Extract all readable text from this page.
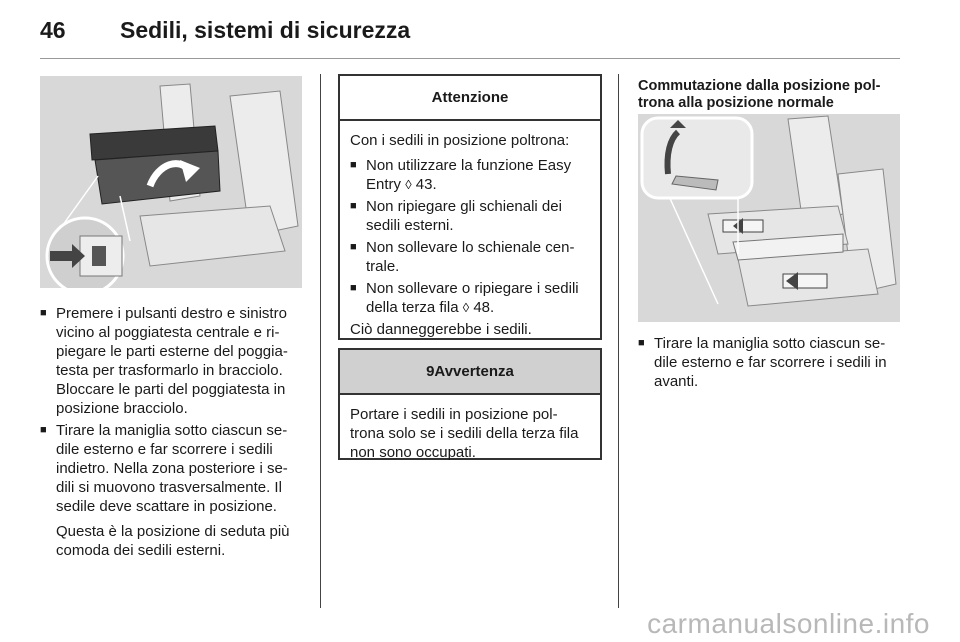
46	Sedili, sistemi di sicurezza
■ Premere i pulsanti destro e sinistro vicino al poggiatesta centrale e ri- piegare le parti esterne del poggia- testa per trasformarlo in bracciolo. Bloccare le parti del poggiatesta in posizione bracciolo.
■ Tirare la maniglia sotto ciascun se- dile esterno e far scorrere i sedili indietro. Nella zona posteriore i se- dili si muovono trasversalmente. Il sedile deve scattare in posizione.
Questa è la posizione di seduta più comoda dei sedili esterni.
Attenzione

Con i sedili in posizione poltrona:

■ Non utilizzare la funzione Easy Entry ◊ 43.
■ Non ripiegare gli schienali dei sedili esterni.
■ Non sollevare lo schienale cen- trale.
■ Non sollevare o ripiegare i sedili della terza fila ◊ 48.

Ciò danneggerebbe i sedili.

9Avvertenza

Portare i sedili in posizione pol- trona solo se i sedili della terza fila non sono occupati.

Commutazione dalla posizione pol- trona alla posizione normale
■ Tirare la maniglia sotto ciascun se- dile esterno e far scorrere i sedili in avanti.
carmanualsonline.info
